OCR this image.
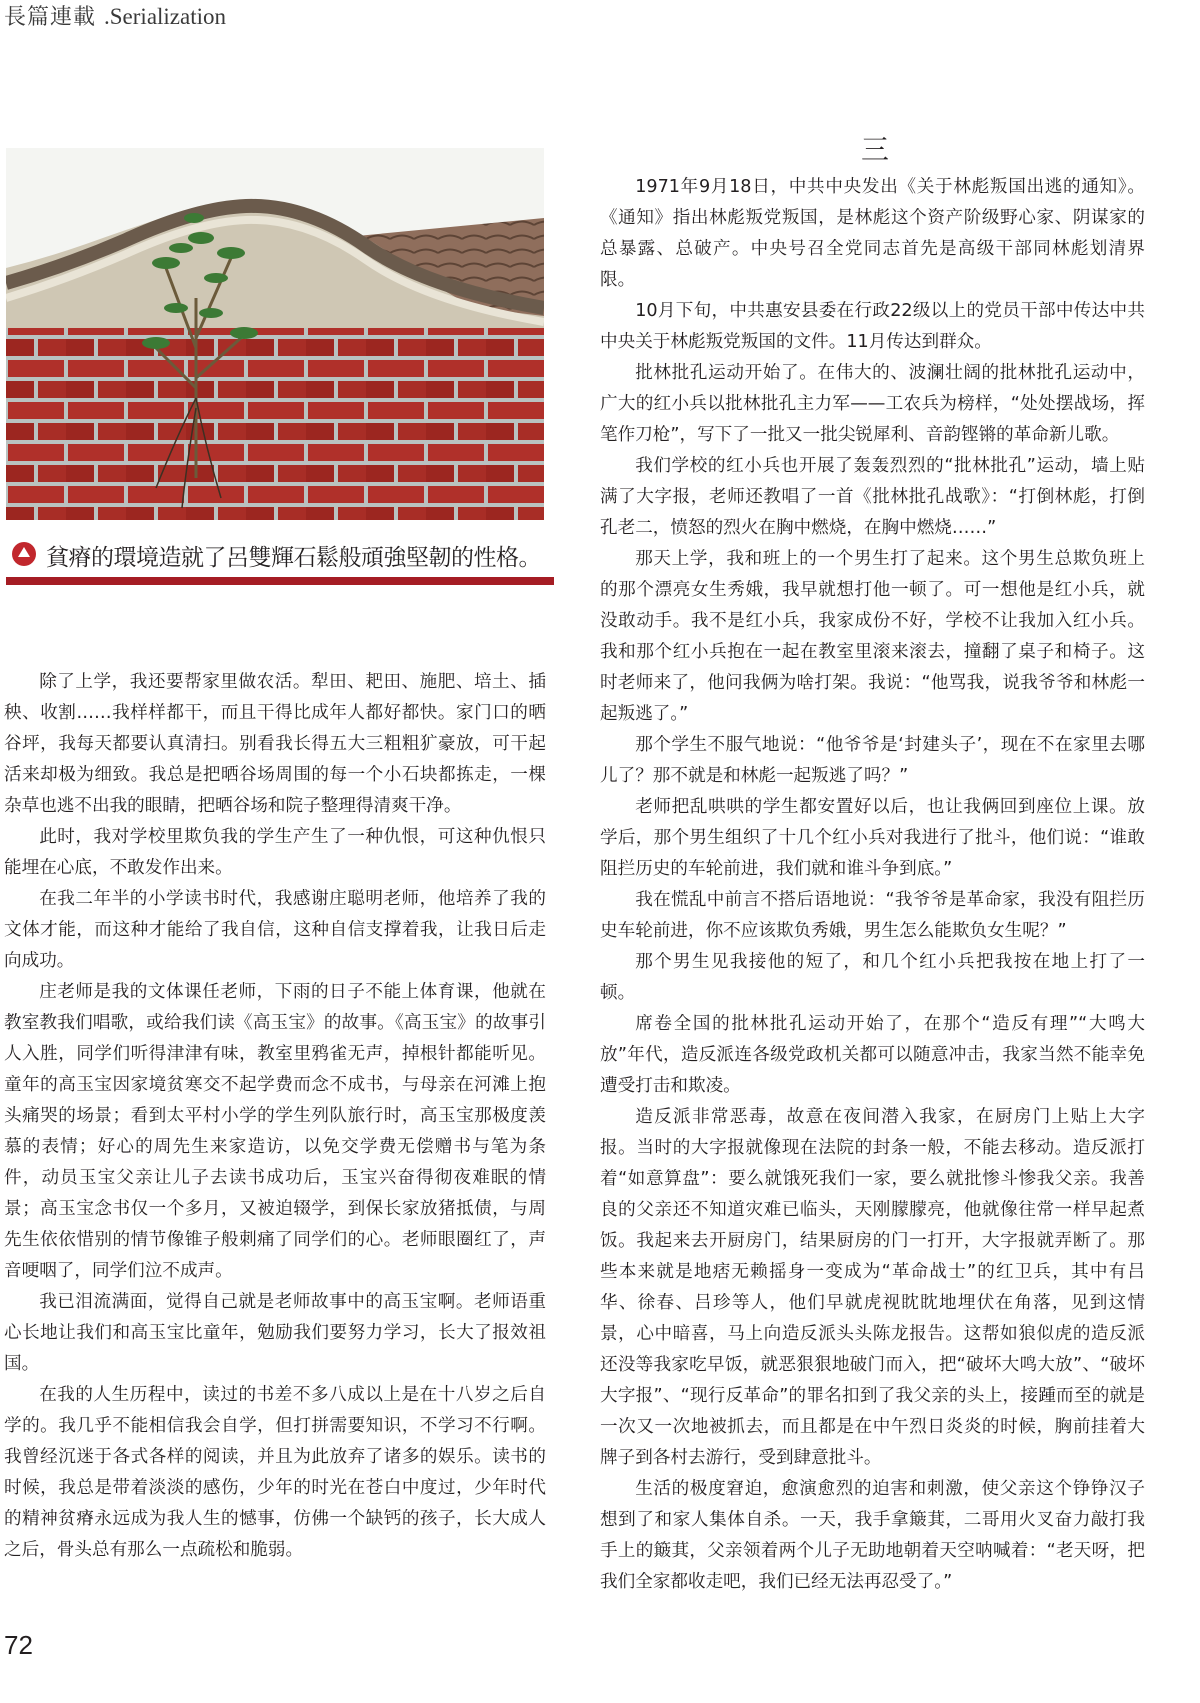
長篇連載 .Serialization
貧瘠的環境造就了呂雙輝石鬆般頑強堅韌的性格。
三

除了上学，我还要帮家里做农活。犁田、耙田、施肥、培土、插秧、收割……我样样都干，而且干得比成年人都好都快。家门口的晒谷坪，我每天都要认真清扫。别看我长得五大三粗粗犷豪放，可干起活来却极为细致。我总是把晒谷场周围的每一个小石块都拣走，一棵杂草也逃不出我的眼睛，把晒谷场和院子整理得清爽干净。

此时，我对学校里欺负我的学生产生了一种仇恨，可这种仇恨只能埋在心底，不敢发作出来。

在我二年半的小学读书时代，我感谢庄聪明老师，他培养了我的文体才能，而这种才能给了我自信，这种自信支撑着我，让我日后走向成功。

庄老师是我的文体课任老师，下雨的日子不能上体育课，他就在教室教我们唱歌，或给我们读《高玉宝》的故事。《高玉宝》的故事引人入胜，同学们听得津津有味，教室里鸦雀无声，掉根针都能听见。童年的高玉宝因家境贫寒交不起学费而念不成书，与母亲在河滩上抱头痛哭的场景；看到太平村小学的学生列队旅行时，高玉宝那极度羡慕的表情；好心的周先生来家造访，以免交学费无偿赠书与笔为条件，动员玉宝父亲让儿子去读书成功后，玉宝兴奋得彻夜难眠的情景；高玉宝念书仅一个多月，又被迫辍学，到保长家放猪抵债，与周先生依依惜别的情节像锥子般刺痛了同学们的心。老师眼圈红了，声音哽咽了，同学们泣不成声。

我已泪流满面，觉得自己就是老师故事中的高玉宝啊。老师语重心长地让我们和高玉宝比童年，勉励我们要努力学习，长大了报效祖国。

在我的人生历程中，读过的书差不多八成以上是在十八岁之后自学的。我几乎不能相信我会自学，但打拼需要知识，不学习不行啊。我曾经沉迷于各式各样的阅读，并且为此放弃了诸多的娱乐。读书的时候，我总是带着淡淡的感伤，少年的时光在苍白中度过，少年时代的精神贫瘠永远成为我人生的憾事，仿佛一个缺钙的孩子，长大成人之后，骨头总有那么一点疏松和脆弱。

1971年9月18日，中共中央发出《关于林彪叛国出逃的通知》。《通知》指出林彪叛党叛国，是林彪这个资产阶级野心家、阴谋家的总暴露、总破产。中央号召全党同志首先是高级干部同林彪划清界限。

10月下旬，中共惠安县委在行政22级以上的党员干部中传达中共中央关于林彪叛党叛国的文件。11月传达到群众。

批林批孔运动开始了。在伟大的、波澜壮阔的批林批孔运动中，广大的红小兵以批林批孔主力军——工农兵为榜样，“处处摆战场，挥笔作刀枪”，写下了一批又一批尖锐犀利、音韵铿锵的革命新儿歌。

我们学校的红小兵也开展了轰轰烈烈的“批林批孔”运动，墙上贴满了大字报，老师还教唱了一首《批林批孔战歌》：“打倒林彪，打倒孔老二，愤怒的烈火在胸中燃烧，在胸中燃烧……”

那天上学，我和班上的一个男生打了起来。这个男生总欺负班上的那个漂亮女生秀娥，我早就想打他一顿了。可一想他是红小兵，就没敢动手。我不是红小兵，我家成份不好，学校不让我加入红小兵。我和那个红小兵抱在一起在教室里滚来滚去，撞翻了桌子和椅子。这时老师来了，他问我俩为啥打架。我说：“他骂我，说我爷爷和林彪一起叛逃了。”

那个学生不服气地说：“他爷爷是‘封建头子’，现在不在家里去哪儿了？那不就是和林彪一起叛逃了吗？”

老师把乱哄哄的学生都安置好以后，也让我俩回到座位上课。放学后，那个男生组织了十几个红小兵对我进行了批斗，他们说：“谁敢阻拦历史的车轮前进，我们就和谁斗争到底。”

我在慌乱中前言不搭后语地说：“我爷爷是革命家，我没有阻拦历史车轮前进，你不应该欺负秀娥，男生怎么能欺负女生呢？”

那个男生见我接他的短了，和几个红小兵把我按在地上打了一顿。

席卷全国的批林批孔运动开始了，在那个“造反有理”“大鸣大放”年代，造反派连各级党政机关都可以随意冲击，我家当然不能幸免遭受打击和欺凌。

造反派非常恶毒，故意在夜间潜入我家，在厨房门上贴上大字报。当时的大字报就像现在法院的封条一般，不能去移动。造反派打着“如意算盘”：要么就饿死我们一家，要么就批惨斗惨我父亲。我善良的父亲还不知道灾难已临头，天刚朦朦亮，他就像往常一样早起煮饭。我起来去开厨房门，结果厨房的门一打开，大字报就弄断了。那些本来就是地痞无赖摇身一变成为“革命战士”的红卫兵，其中有吕华、徐春、吕珍等人，他们早就虎视眈眈地埋伏在角落，见到这情景，心中暗喜，马上向造反派头头陈龙报告。这帮如狼似虎的造反派还没等我家吃早饭，就恶狠狠地破门而入，把“破坏大鸣大放”、“破坏大字报”、“现行反革命”的罪名扣到了我父亲的头上，接踵而至的就是一次又一次地被抓去，而且都是在中午烈日炎炎的时候，胸前挂着大牌子到各村去游行，受到肆意批斗。

生活的极度窘迫，愈演愈烈的迫害和刺激，使父亲这个铮铮汉子想到了和家人集体自杀。一天，我手拿簸萁，二哥用火叉奋力敲打我手上的簸萁，父亲领着两个儿子无助地朝着天空呐喊着：“老天呀，把我们全家都收走吧，我们已经无法再忍受了。”

72
